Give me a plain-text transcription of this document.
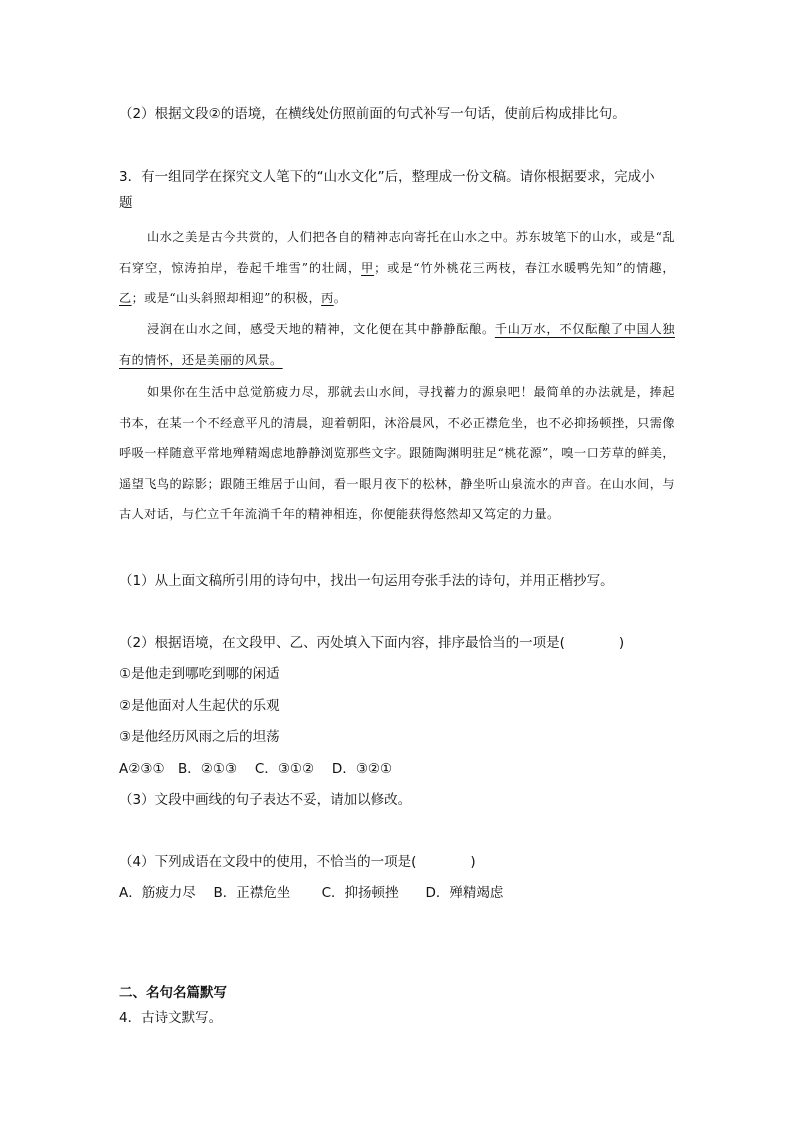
（2）根据文段②的语境，在横线处仿照前面的句式补写一句话，使前后构成排比句。
3．有一组同学在探究文人笔下的“山水文化”后，整理成一份文稿。请你根据要求，完成小
题
山水之美是古今共赏的，人们把各自的精神志向寄托在山水之中。苏东坡笔下的山水，或是“乱石穿空，惊涛拍岸，卷起千堆雪”的壮阔，甲；或是“竹外桃花三两枝，春江水暖鸭先知”的情趣，乙；或是“山头斜照却相迎”的积极，丙。
浸润在山水之间，感受天地的精神，文化便在其中静静酝酿。千山万水，不仅酝酿了中国人独有的情怀，还是美丽的风景。
如果你在生活中总觉筋疲力尽，那就去山水间，寻找蓄力的源泉吧！最简单的办法就是，捧起书本，在某一个不经意平凡的清晨，迎着朝阳，沐浴晨风，不必正襟危坐，也不必抑扬顿挫，只需像呼吸一样随意平常地殚精竭虑地静静浏览那些文字。跟随陶渊明驻足“桃花源”，嗅一口芳草的鲜美，遥望飞鸟的踪影；跟随王维居于山间，看一眼月夜下的松林，静坐听山泉流水的声音。在山水间，与古人对话，与伫立千年流淌千年的精神相连，你便能获得悠然却又笃定的力量。
（1）从上面文稿所引用的诗句中，找出一句运用夸张手法的诗句，并用正楷抄写。
（2）根据语境，在文段甲、乙、丙处填入下面内容，排序最恰当的一项是(　　　　)
①是他走到哪吃到哪的闲适
②是他面对人生起伏的乐观
③是他经历风雨之后的坦荡
A②③①　B．②①③　 C．③①②　 D．③②①
（3）文段中画线的句子表达不妥，请加以修改。
（4）下列成语在文段中的使用，不恰当的一项是(　　　　)
A．筋疲力尽　 B．正襟危坐　　 C．抑扬顿挫　　D．殚精竭虑
二、名句名篇默写
4．古诗文默写。
